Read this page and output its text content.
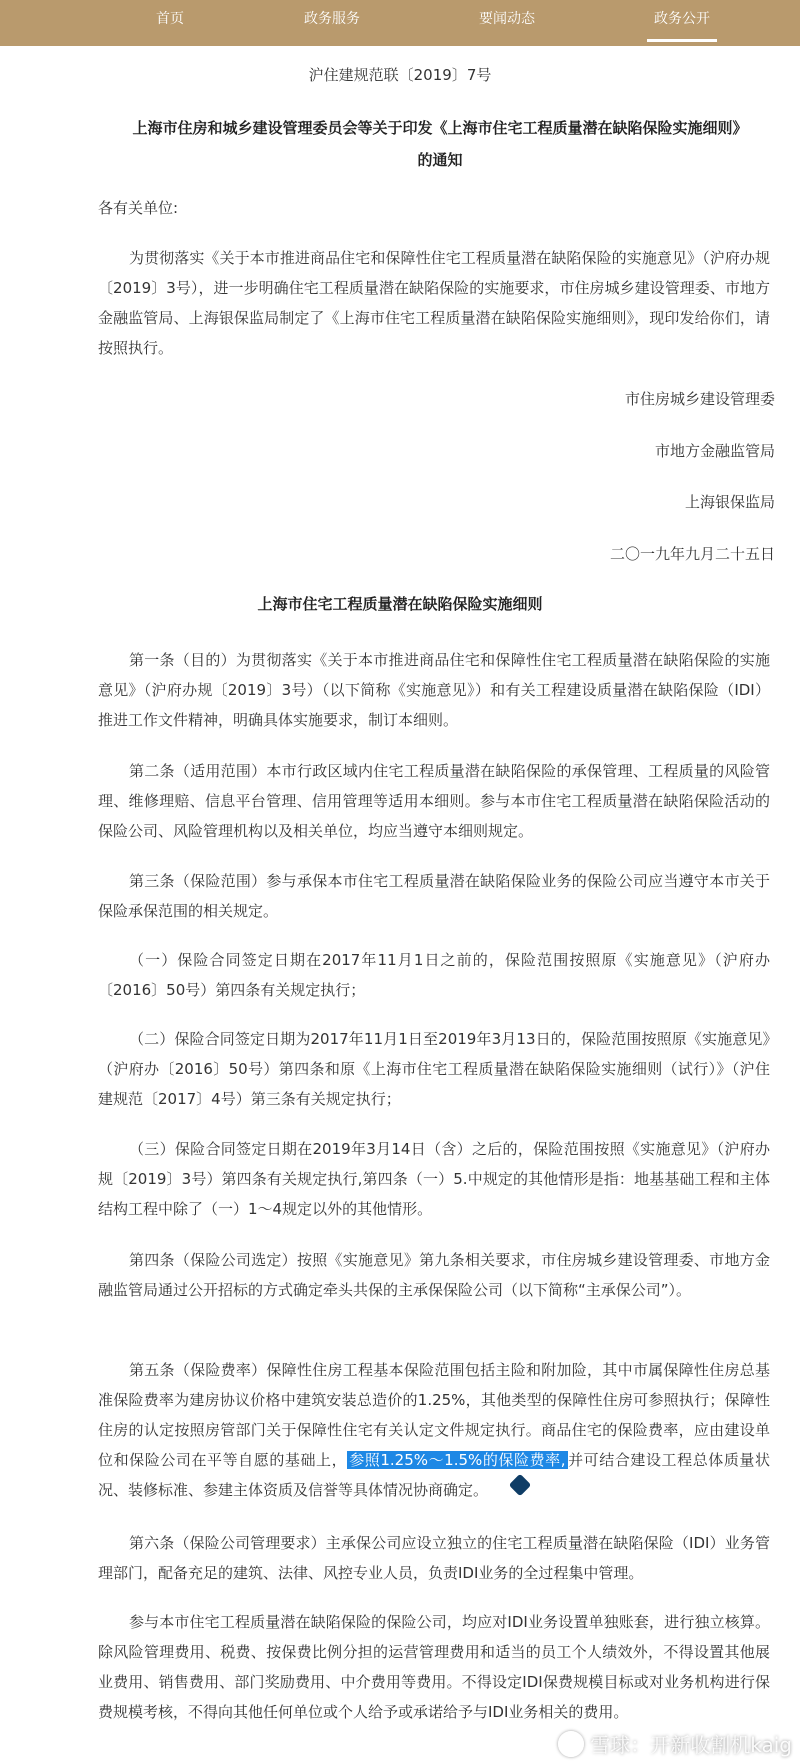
首页	政务服务	要闻动态	政务公开
沪住建规范联〔2019〕7号
上海市住房和城乡建设管理委员会等关于印发《上海市住宅工程质量潜在缺陷保险实施细则》
的通知
各有关单位:
为贯彻落实《关于本市推进商品住宅和保障性住宅工程质量潜在缺陷保险的实施意见》（沪府办规〔2019〕3号），进一步明确住宅工程质量潜在缺陷保险的实施要求，市住房城乡建设管理委、市地方金融监管局、上海银保监局制定了《上海市住宅工程质量潜在缺陷保险实施细则》，现印发给你们，请按照执行。
市住房城乡建设管理委
市地方金融监管局
上海银保监局
二〇一九年九月二十五日
上海市住宅工程质量潜在缺陷保险实施细则
第一条（目的）为贯彻落实《关于本市推进商品住宅和保障性住宅工程质量潜在缺陷保险的实施意见》（沪府办规〔2019〕3号）（以下简称《实施意见》）和有关工程建设质量潜在缺陷保险（IDI）推进工作文件精神，明确具体实施要求，制订本细则。
第二条（适用范围）本市行政区域内住宅工程质量潜在缺陷保险的承保管理、工程质量的风险管理、维修理赔、信息平台管理、信用管理等适用本细则。参与本市住宅工程质量潜在缺陷保险活动的保险公司、风险管理机构以及相关单位，均应当遵守本细则规定。
第三条（保险范围）参与承保本市住宅工程质量潜在缺陷保险业务的保险公司应当遵守本市关于保险承保范围的相关规定。
（一）保险合同签定日期在2017年11月1日之前的，保险范围按照原《实施意见》（沪府办〔2016〕50号）第四条有关规定执行；
（二）保险合同签定日期为2017年11月1日至2019年3月13日的，保险范围按照原《实施意见》（沪府办〔2016〕50号）第四条和原《上海市住宅工程质量潜在缺陷保险实施细则（试行）》（沪住建规范〔2017〕4号）第三条有关规定执行；
（三）保险合同签定日期在2019年3月14日（含）之后的，保险范围按照《实施意见》（沪府办规〔2019〕3号）第四条有关规定执行,第四条（一）5.中规定的其他情形是指：地基基础工程和主体结构工程中除了（一）1～4规定以外的其他情形。
第四条（保险公司选定）按照《实施意见》第九条相关要求，市住房城乡建设管理委、市地方金融监管局通过公开招标的方式确定牵头共保的主承保保险公司（以下简称“主承保公司”）。
第五条（保险费率）保障性住房工程基本保险范围包括主险和附加险，其中市属保障性住房总基准保险费率为建房协议价格中建筑安装总造价的1.25%，其他类型的保障性住房可参照执行；保障性住房的认定按照房管部门关于保障性住宅有关认定文件规定执行。商品住宅的保险费率，应由建设单位和保险公司在平等自愿的基础上， 参照1.25%～1.5%的保险费率, 并可结合建设工程总体质量状况、装修标准、参建主体资质及信誉等具体情况协商确定。
第六条（保险公司管理要求）主承保公司应设立独立的住宅工程质量潜在缺陷保险（IDI）业务管理部门，配备充足的建筑、法律、风控专业人员，负责IDI业务的全过程集中管理。
参与本市住宅工程质量潜在缺陷保险的保险公司，均应对IDI业务设置单独账套，进行独立核算。除风险管理费用、税费、按保费比例分担的运营管理费用和适当的员工个人绩效外，不得设置其他展业费用、销售费用、部门奖励费用、中介费用等费用。不得设定IDI保费规模目标或对业务机构进行保费规模考核，不得向其他任何单位或个人给予或承诺给予与IDI业务相关的费用。
雪球：开新收割机kaig
